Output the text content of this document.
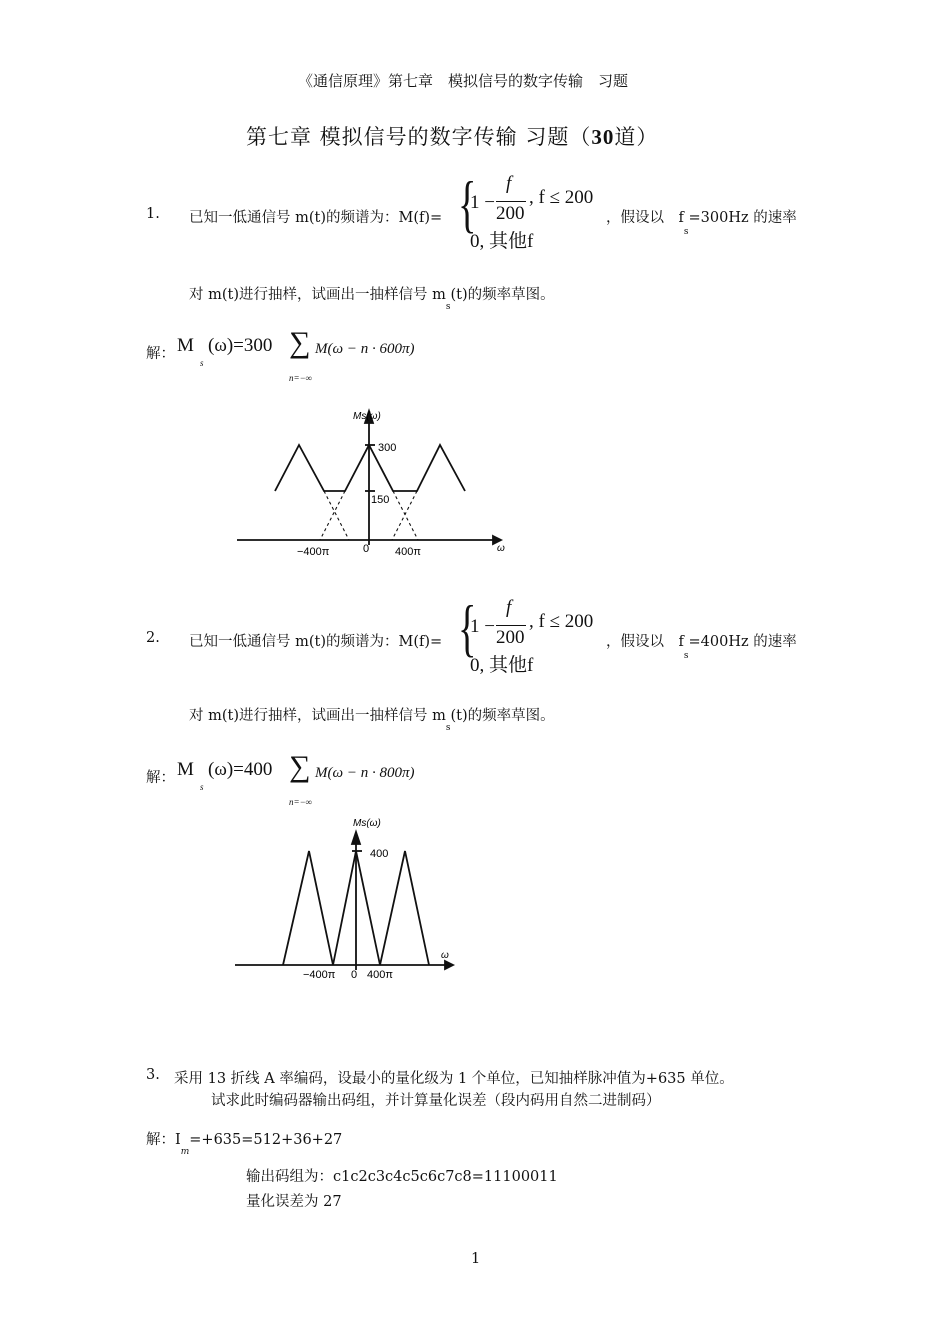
《通信原理》第七章　模拟信号的数字传输　习题
第七章 模拟信号的数字传输 习题（30道）
1. 已知一低通信号 m(t)的频谱为：M(f)= {
1 −
f
200
, f ≤ 200
0, 其他f
，假设以　$f_s=300Hz$ 的速率
对 m(t)进行抽样，试画出一抽样信号 $m_s(t)$的频率草图。
解： M
s
(ω)=300 ∑ M(ω − n · 600π)
n=−∞
Ms(ω)
300
150
ω
−400π	0 400π
2. 已知一低通信号 m(t)的频谱为：M(f)= {
1 −
f
200
, f ≤ 200
0, 其他f
，假设以　$f_s=400Hz$ 的速率
对 m(t)进行抽样，试画出一抽样信号 $m_s(t)$的频率草图。
解： M
s
(ω)=400 ∑ M(ω − n · 800π)
n=−∞
Ms(ω)
400
ω
−400π 0 400π
3. 采用 13 折线 A 率编码，设最小的量化级为 1 个单位，已知抽样脉冲值为+635 单位。
试求此时编码器输出码组，并计算量化误差（段内码用自然二进制码）
解：$I_m=+635=512+36+27$
输出码组为：c1c2c3c4c5c6c7c8=11100011
量化误差为 27
1
